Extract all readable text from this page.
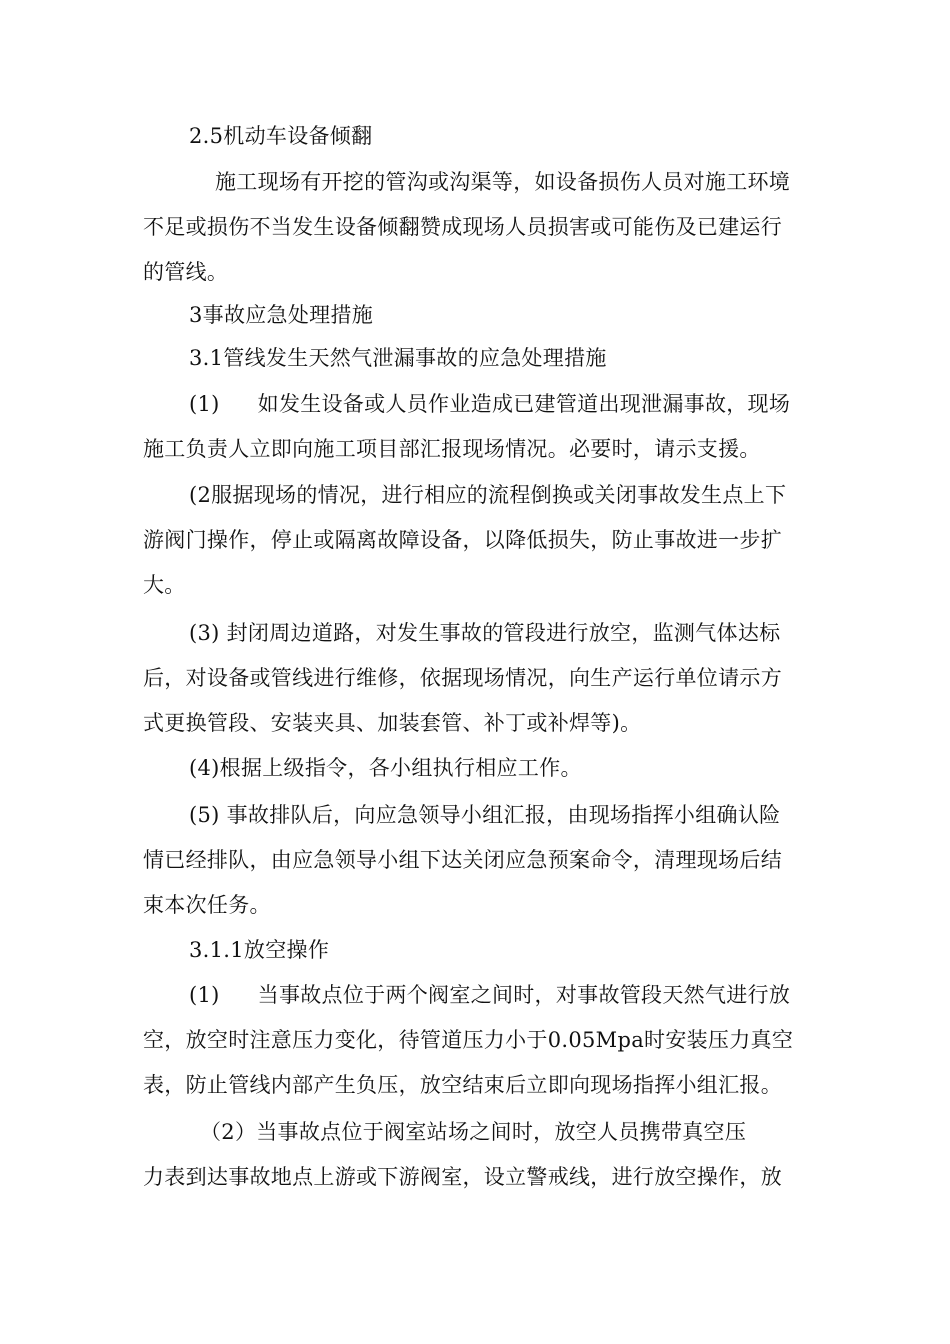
2.5机动车设备倾翻
施工现场有开挖的管沟或沟渠等，如设备损伤人员对施工环境
不足或损伤不当发生设备倾翻赞成现场人员损害或可能伤及已建运行
的管线。
3事故应急处理措施
3.1管线发生天然气泄漏事故的应急处理措施
(1) 如发生设备或人员作业造成已建管道出现泄漏事故，现场
施工负责人立即向施工项目部汇报现场情况。必要时，请示支援。
(2服据现场的情况，进行相应的流程倒换或关闭事故发生点上下
游阀门操作，停止或隔离故障设备，以降低损失，防止事故进一步扩
大。
(3) 封闭周边道路，对发生事故的管段进行放空，监测气体达标
后，对设备或管线进行维修，依据现场情况，向生产运行单位请示方
式更换管段、安装夹具、加装套管、补丁或补焊等)。
(4)根据上级指令，各小组执行相应工作。
(5) 事故排队后，向应急领导小组汇报，由现场指挥小组确认险
情已经排队，由应急领导小组下达关闭应急预案命令，清理现场后结
束本次任务。
3.1.1放空操作
(1) 当事故点位于两个阀室之间时，对事故管段天然气进行放
空，放空时注意压力变化，待管道压力小于0.05Mpa时安装压力真空
表，防止管线内部产生负压，放空结束后立即向现场指挥小组汇报。
（2）当事故点位于阀室站场之间时，放空人员携带真空压
力表到达事故地点上游或下游阀室，设立警戒线，进行放空操作，放
